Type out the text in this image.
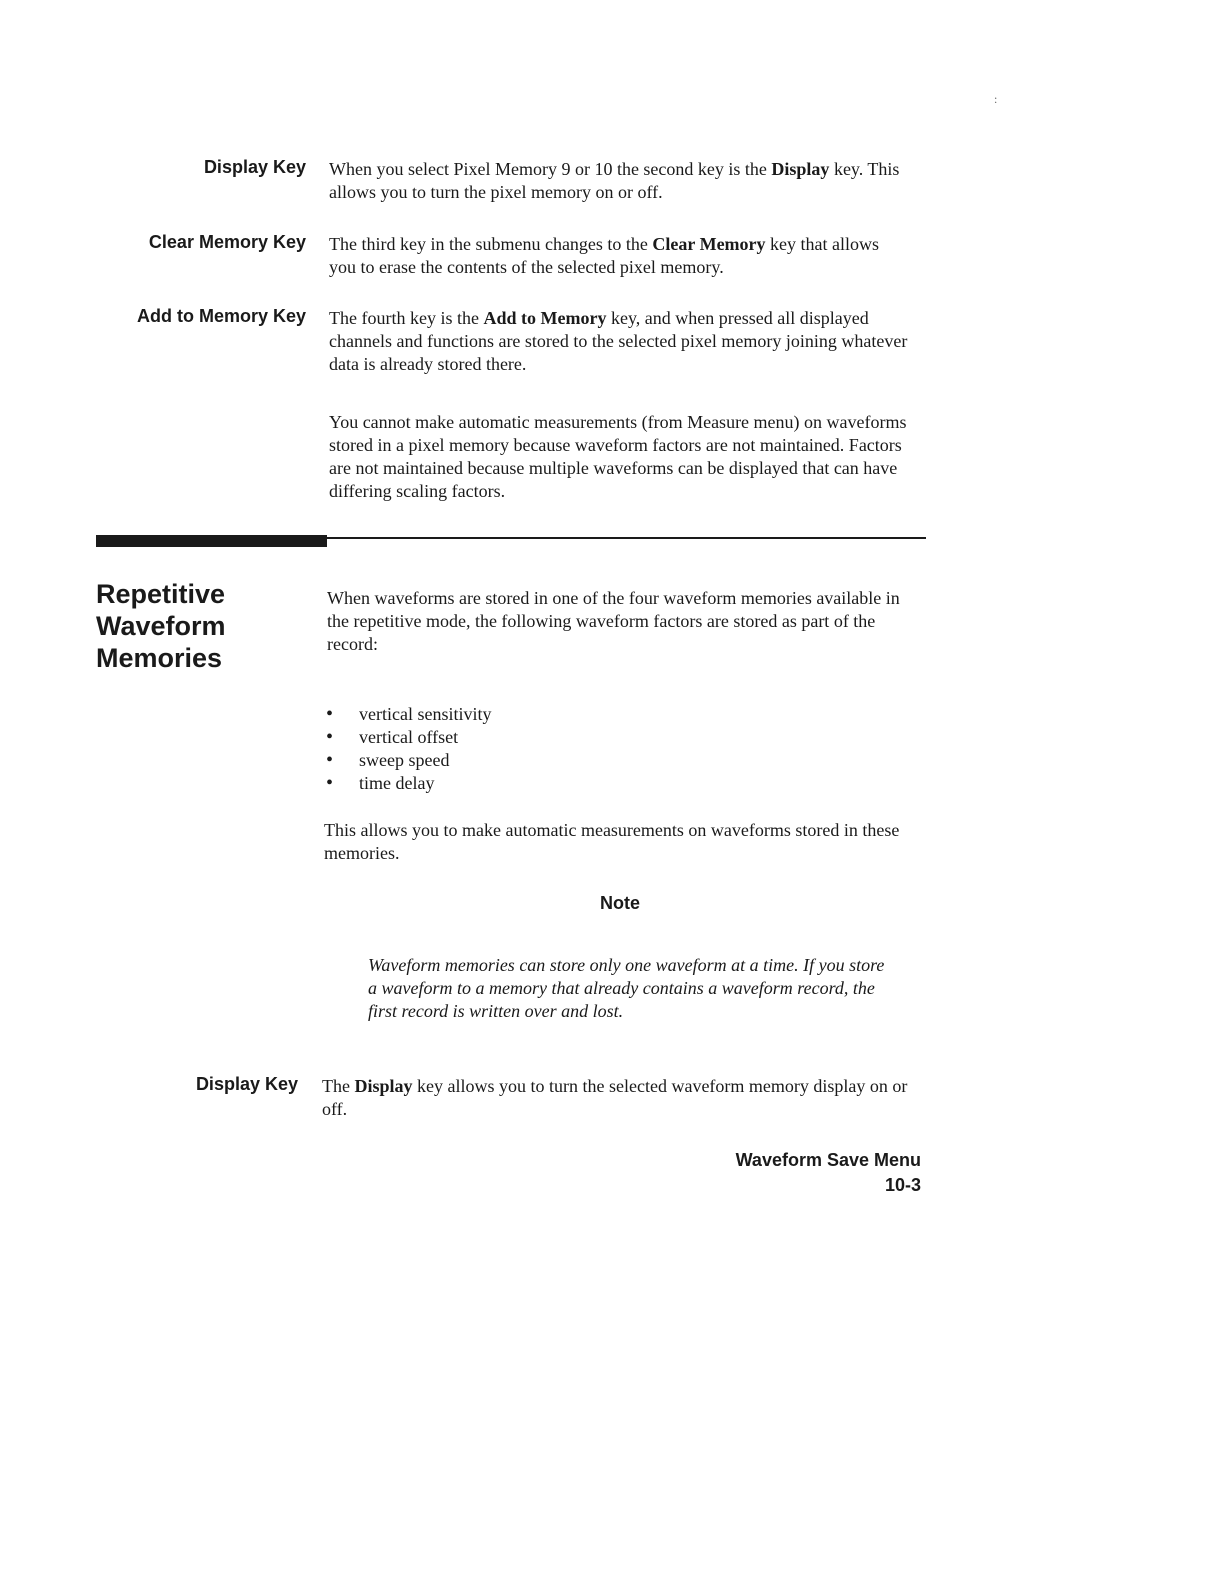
:
Display Key When you select Pixel Memory 9 or 10 the second key is the Display key. This allows you to turn the pixel memory on or off.

Clear Memory Key The third key in the submenu changes to the Clear Memory key that allows you to erase the contents of the selected pixel memory.

Add to Memory Key The fourth key is the Add to Memory key, and when pressed all displayed channels and functions are stored to the selected pixel memory joining whatever data is already stored there.

You cannot make automatic measurements (from Measure menu) on waveforms stored in a pixel memory because waveform factors are not maintained. Factors are not maintained because multiple waveforms can be displayed that can have differing scaling factors.

Repetitive
Waveform
Memories

When waveforms are stored in one of the four waveform memories available in the repetitive mode, the following waveform factors are stored as part of the record:

• vertical sensitivity
• vertical offset
• sweep speed
• time delay

This allows you to make automatic measurements on waveforms stored in these memories.

Note

Waveform memories can store only one waveform at a time. If you store a waveform to a memory that already contains a waveform record, the first record is written over and lost.

Display Key The Display key allows you to turn the selected waveform memory display on or off.

Waveform Save Menu
10-3
